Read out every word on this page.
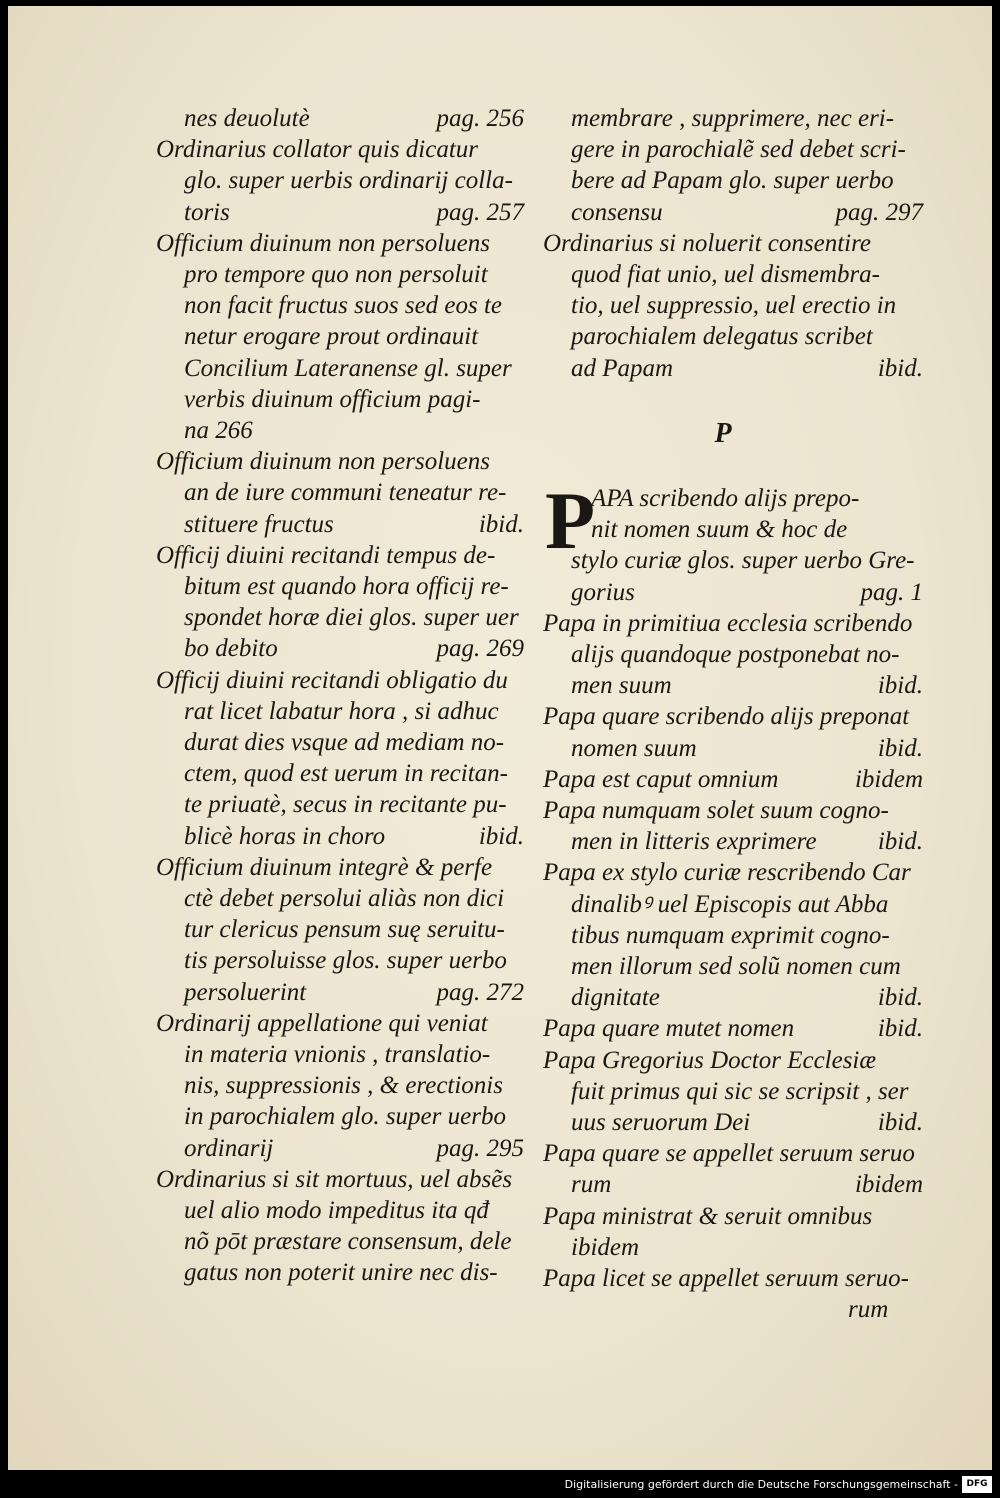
nes deuolutè	pag. 256
Ordinarius collator quis dicatur
glo. super uerbis ordinarij colla-
toris	pag. 257
Officium diuinum non persoluens
pro tempore quo non persoluit
non facit fructus suos sed eos te
netur erogare prout ordinauit
Concilium Lateranense gl. super
verbis diuinum officium pagi-
na 266
Officium diuinum non persoluens
an de iure communi teneatur re-
stituere fructus	ibid.
Officij diuini recitandi tempus de-
bitum est quando hora officij re-
spondet horæ diei glos. super uer
bo debito	pag. 269
Officij diuini recitandi obligatio du
rat licet labatur hora , si adhuc
durat dies vsque ad mediam no-
ctem, quod est uerum in recitan-
te priuatè, secus in recitante pu-
blicè horas in choro	ibid.
Officium diuinum integrè & perfe
ctè debet persolui aliàs non dici
tur clericus pensum suę seruitu-
tis persoluisse glos. super uerbo
persoluerint	pag. 272
Ordinarij appellatione qui veniat
in materia vnionis , translatio-
nis, suppressionis , & erectionis
in parochialem glo. super uerbo
ordinarij	pag. 295
Ordinarius si sit mortuus, uel absẽs
uel alio modo impeditus ita qđ
nõ pōt præstare consensum, dele
gatus non poterit unire nec dis-
membrare , supprimere, nec eri-
gere in parochialẽ sed debet scri-
bere ad Papam glo. super uerbo
consensu	pag. 297
Ordinarius si noluerit consentire
quod fiat unio, uel dismembra-
tio, uel suppressio, uel erectio in
parochialem delegatus scribet
ad Papam	ibid.
P
APA scribendo alijs prepo-
nit nomen suum & hoc de
stylo curiæ glos. super uerbo Gre-
gorius	pag. 1
Papa in primitiua ecclesia scribendo
alijs quandoque postponebat no-
men suum	ibid.
Papa quare scribendo alijs preponat
nomen suum	ibid.
Papa est caput omnium	ibidem
Papa numquam solet suum cogno-
men in litteris exprimere ibid.
Papa ex stylo curiæ rescribendo Car
dinalibꝰ uel Episcopis aut Abba
tibus numquam exprimit cogno-
men illorum sed solũ nomen cum
dignitate	ibid.
Papa quare mutet nomen	ibid.
Papa Gregorius Doctor Ecclesiæ
fuit primus qui sic se scripsit , ser
uus seruorum Dei	ibid.
Papa quare se appellet seruum seruo
rum	ibidem
Papa ministrat & seruit omnibus
ibidem
Papa licet se appellet seruum seruo-
rum
P
Digitalisierung gefördert durch die Deutsche Forschungsgemeinschaft - DFG
